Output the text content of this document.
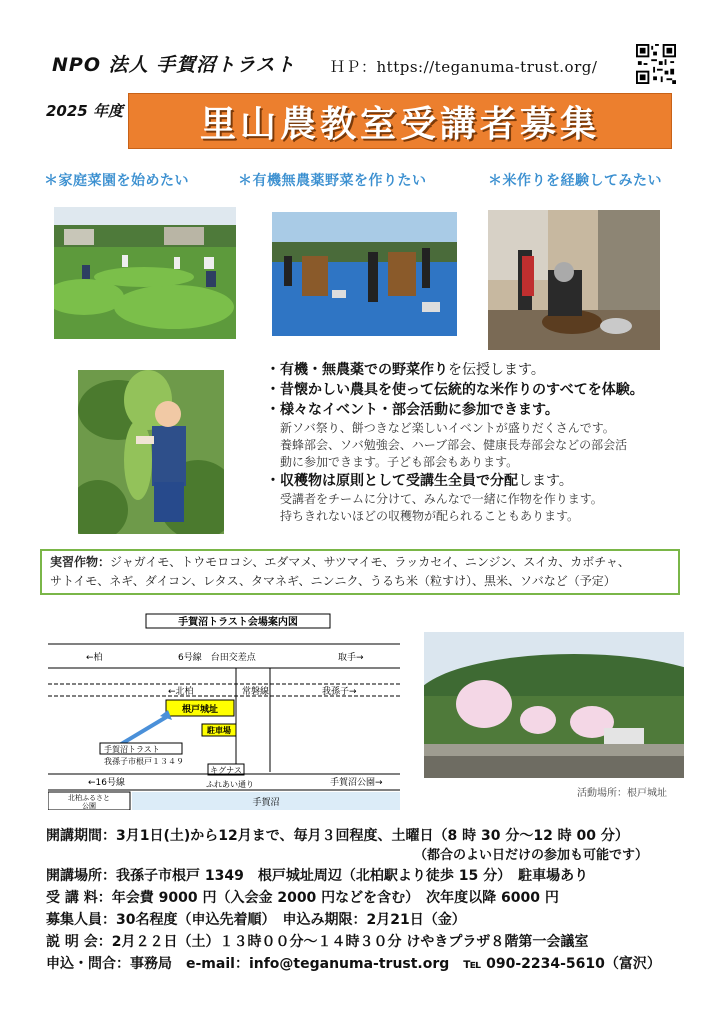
NPO 法人 手賀沼トラスト ＨＰ：https://teganuma-trust.org/
2025 年度 里山農教室受講者募集
＊家庭菜園を始めたい	＊有機無農薬野菜を作りたい	＊米作りを経験してみたい
・有機・無農薬での野菜作りを伝授します。
・昔懐かしい農具を使って伝統的な米作りのすべてを体験。
・様々なイベント・部会活動に参加できます。
新ソバ祭り、餅つきなど楽しいイベントが盛りだくさんです。
養蜂部会、ソバ勉強会、ハーブ部会、健康長寿部会などの部会活
動に参加できます。子ども部会もあります。
・収穫物は原則として受講生全員で分配します。
受講者をチームに分けて、みんなで一緒に作物を作ります。
持ちきれないほどの収穫物が配られることもあります。
実習作物：ジャガイモ、トウモロコシ、エダマメ、サツマイモ、ラッカセイ、ニンジン、スイカ、カボチャ、
サトイモ、ネギ、ダイコン、レタス、タマネギ、ニンニク、うるち米（粒すけ）、黒米、ソバなど（予定）
手賀沼トラスト会場案内図
←柏	6号線　台田交差点	取手→
←北柏	常磐線	我孫子→
根戸城址
駐車場
手賀沼トラスト
我孫子市根戸１３４９
キグナス
←16号線	ふれあい通り	手賀沼公園→
北柏ふるさと
公園	手賀沼
活動場所：根戸城址
開講期間：3月1日(土)から12月まで、毎月３回程度、土曜日（8 時 30 分～12 時 00 分）
（都合のよい日だけの参加も可能です）
開講場所：我孫子市根戸 1349　根戸城址周辺（北柏駅より徒歩 15 分）　駐車場あり
受 講 料：年会費 9000 円（入会金 2000 円などを含む）　次年度以降 6000 円
募集人員：30名程度（申込先着順）　申込み期限：2月21日（金）
説 明 会：2月２２日（土）１３時００分～１４時３０分 けやきプラザ８階第一会議室
申込・問合：事務局　e-mail：info@teganuma-trust.org　℡ 090-2234-5610（富沢）
